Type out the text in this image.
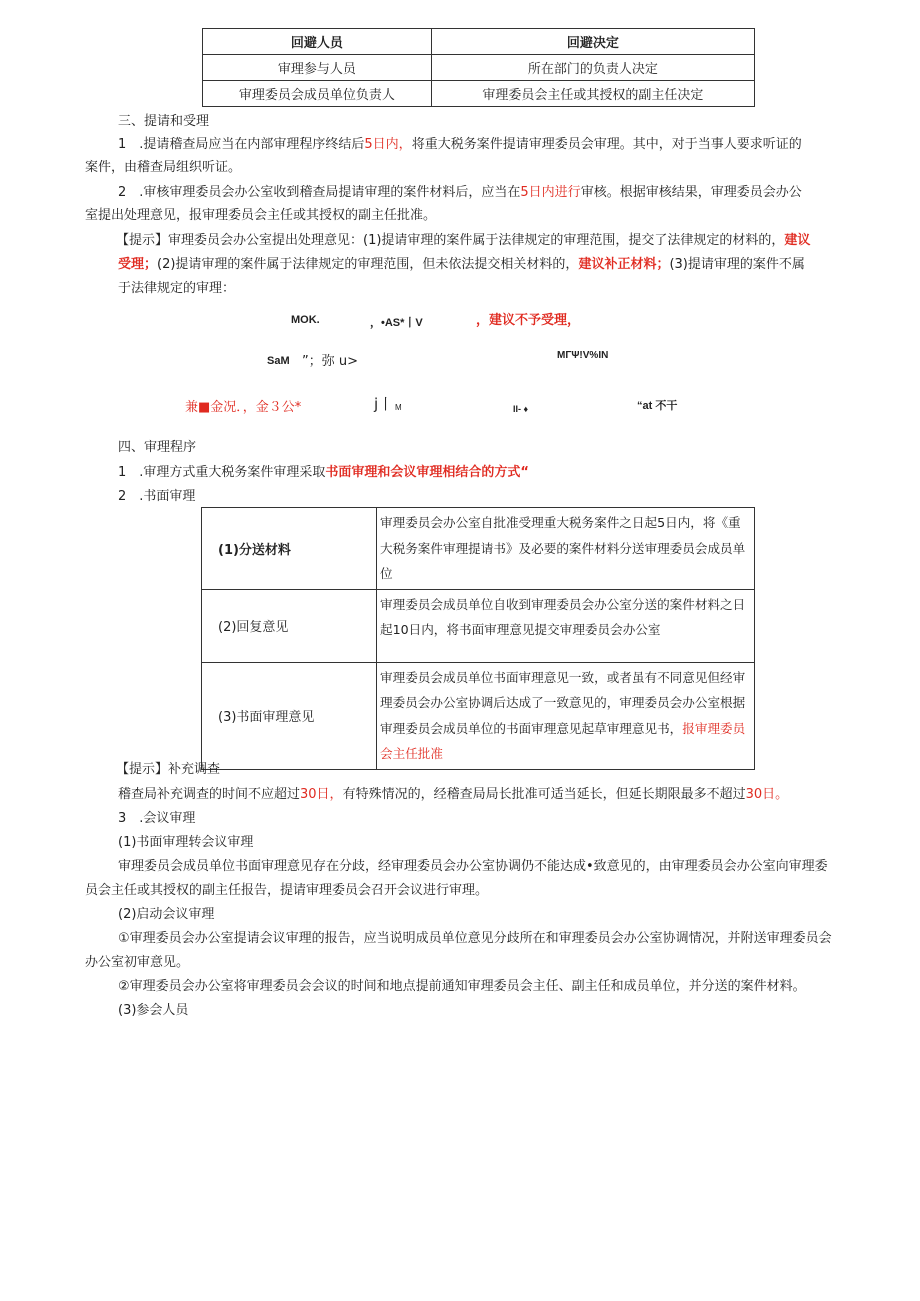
回避人员	回避决定
审理参与人员	所在部门的负责人决定
审理委员会成员单位负责人	审理委员会主任或其授权的副主任决定
三、提请和受理
1　.提请稽查局应当在内部审理程序终结后5日内，将重大税务案件提请审理委员会审理。其中，对于当事人要求听证的
案件，由稽查局组织听证。
2　.审核审理委员会办公室收到稽查局提请审理的案件材料后，应当在5日内进行审核。根据审核结果，审理委员会办公
室提出处理意见，报审理委员会主任或其授权的副主任批准。
【提示】审理委员会办公室提出处理意见：(1)提请审理的案件属于法律规定的审理范围，提交了法律规定的材料的，建议
受理；(2)提请审理的案件属于法律规定的审理范围，但未依法提交相关材料的，建议补正材料；(3)提请审理的案件不属
于法律规定的审理：
MOK.	，•AS*丨V	，建议不予受理，
SaM ”；弥 u>	MΓΨ!V%IN
兼■金况．，金３公*	j丨 M	II- ♦	“at 不干
四、审理程序
1　.审理方式重大税务案件审理采取书面审理和会议审理相结合的方式“
2　.书面审理
(1)分送材料	审理委员会办公室自批准受理重大税务案件之日起5日内，将《重大税务案件审理提请书》及必要的案件材料分送审理委员会成员单位
(2)回复意见	审理委员会成员单位自收到审理委员会办公室分送的案件材料之日起10日内，将书面审理意见提交审理委员会办公室
(3)书面审理意见	审理委员会成员单位书面审理意见一致，或者虽有不同意见但经审理委员会办公室协调后达成了一致意见的，审理委员会办公室根据审理委员会成员单位的书面审理意见起草审理意见书，报审理委员会主任批准
【提示】补充调查
稽查局补充调查的时间不应超过30日，有特殊情况的，经稽查局局长批准可适当延长，但延长期限最多不超过30日。
3　.会议审理
(1)书面审理转会议审理
审理委员会成员单位书面审理意见存在分歧，经审理委员会办公室协调仍不能达成•致意见的，由审理委员会办公室向审理委
员会主任或其授权的副主任报告，提请审理委员会召开会议进行审理。
(2)启动会议审理
①审理委员会办公室提请会议审理的报告，应当说明成员单位意见分歧所在和审理委员会办公室协调情况，并附送审理委员会
办公室初审意见。
②审理委员会办公室将审理委员会会议的时间和地点提前通知审理委员会主任、副主任和成员单位，并分送的案件材料。
(3)参会人员
